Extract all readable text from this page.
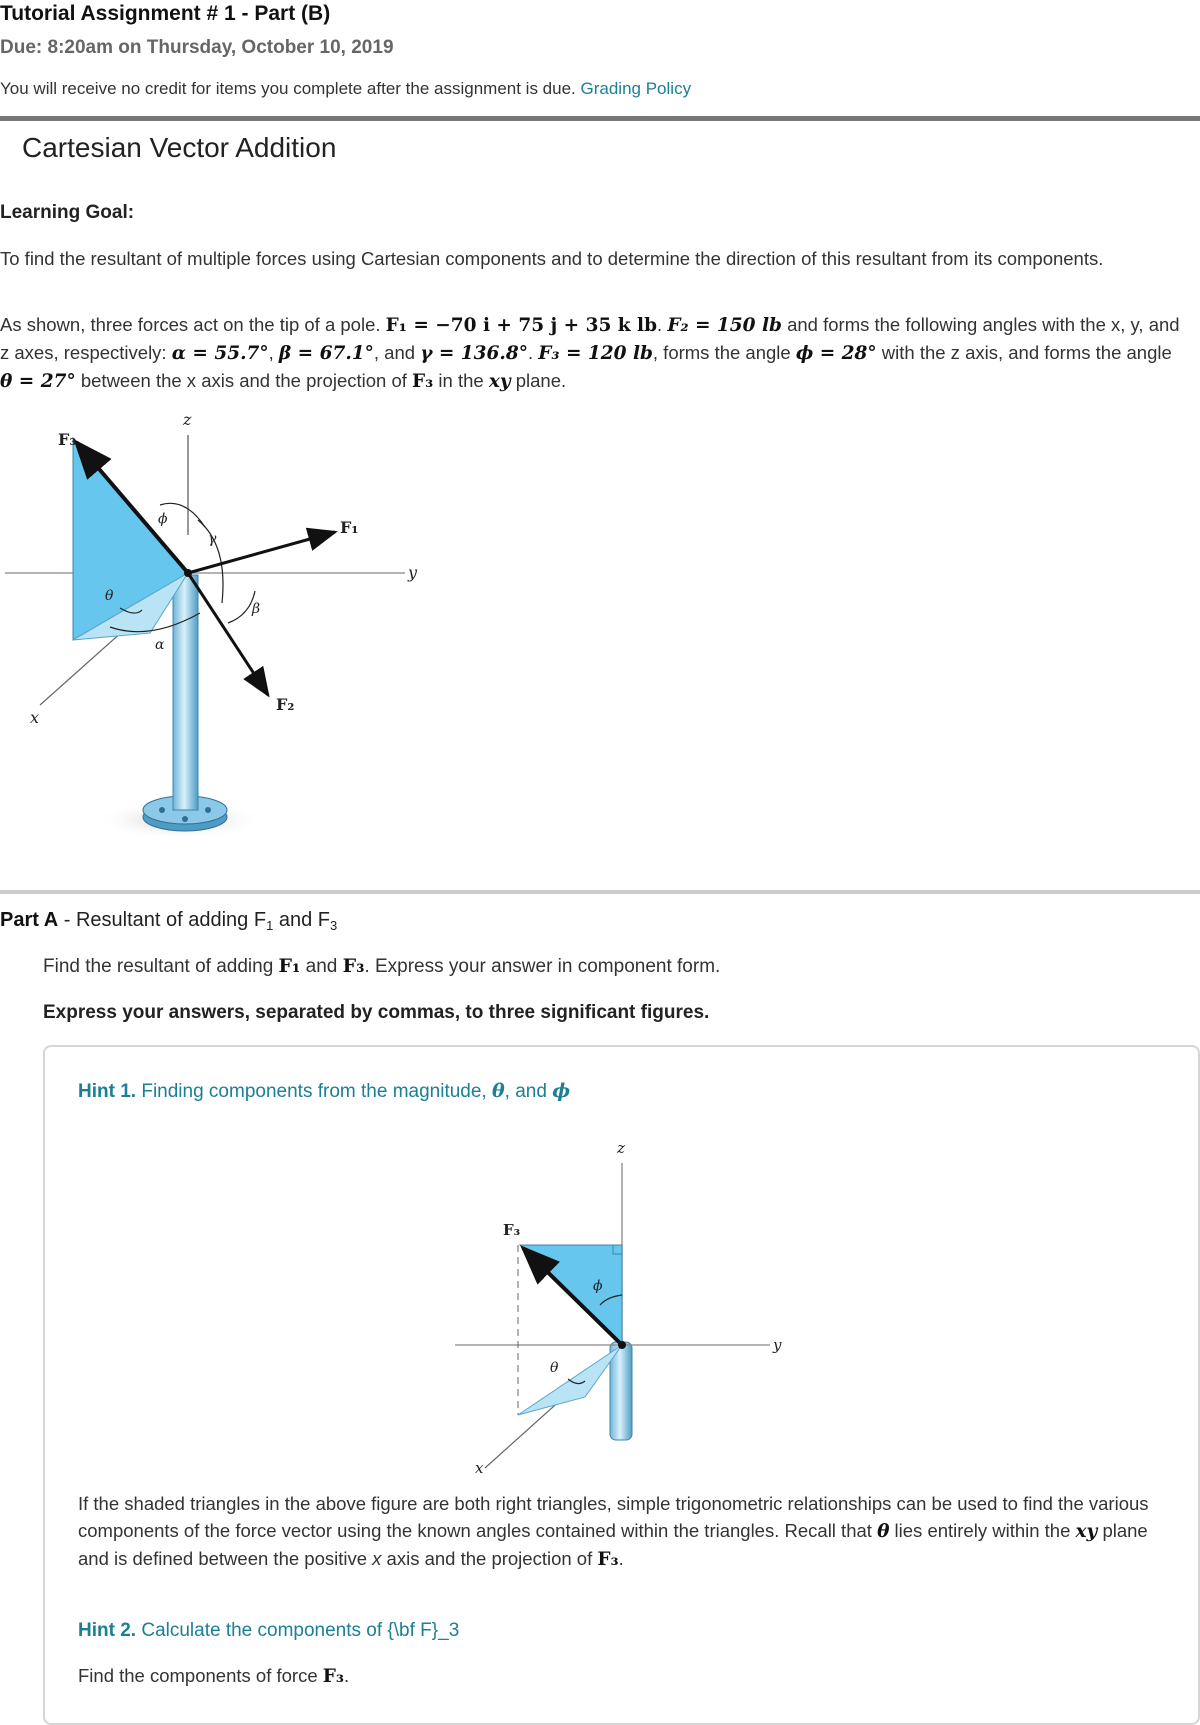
Tutorial Assignment # 1 - Part (B)
Due: 8:20am on Thursday, October 10, 2019
You will receive no credit for items you complete after the assignment is due. Grading Policy
Cartesian Vector Addition
Learning Goal:
To find the resultant of multiple forces using Cartesian components and to determine the direction of this resultant from its components.
As shown, three forces act on the tip of a pole. F₁ = −70 i + 75 j + 35 k lb. F₂ = 150 lb and forms the following angles with the x, y, and z axes, respectively: α = 55.7°, β = 67.1°, and γ = 136.8°. F₃ = 120 lb, forms the angle ϕ = 28° with the z axis, and forms the angle θ = 27° between the x axis and the projection of F₃ in the xy plane.
z
y
x
F₃
F₁
F₂
ϕ
γ
θ
α
β
Part A - Resultant of adding $F_1$ and $F_3$
Find the resultant of adding F₁ and F₃. Express your answer in component form.
Express your answers, separated by commas, to three significant figures.
Hint 1. Finding components from the magnitude, θ, and ϕ
z
y
x
F₃
ϕ
θ
If the shaded triangles in the above figure are both right triangles, simple trigonometric relationships can be used to find the various components of the force vector using the known angles contained within the triangles. Recall that θ lies entirely within the xy plane and is defined between the positive x axis and the projection of F₃.
Hint 2. Calculate the components of {\bf F}_3
Find the components of force F₃.
